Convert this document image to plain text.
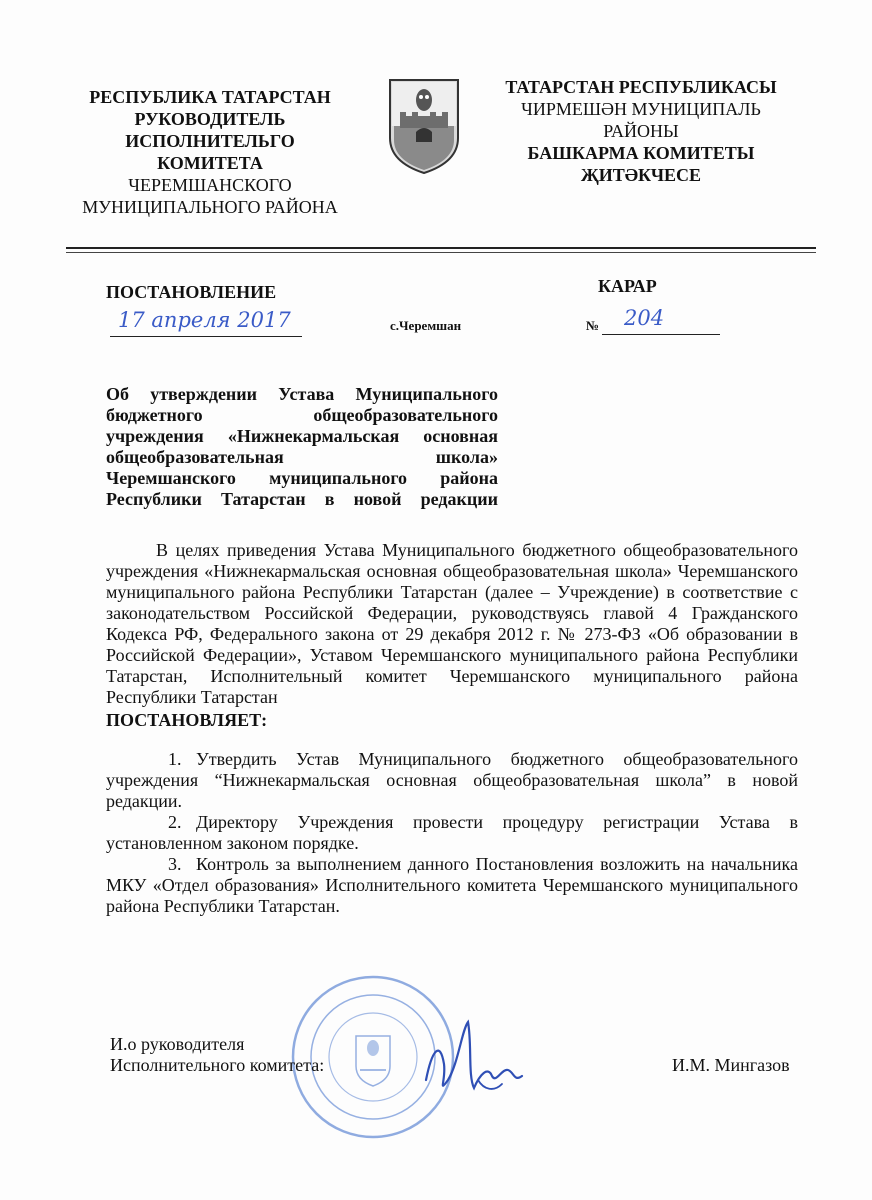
РЕСПУБЛИКА ТАТАРСТАН
РУКОВОДИТЕЛЬ
ИСПОЛНИТЕЛЬГО
КОМИТЕТА
ЧЕРЕМШАНСКОГО
МУНИЦИПАЛЬНОГО РАЙОНА
ТАТАРСТАН РЕСПУБЛИКАСЫ
ЧИРМЕШӘН МУНИЦИПАЛЬ
РАЙОНЫ
БАШКАРМА КОМИТЕТЫ
ҖИТӘКЧЕСЕ
ПОСТАНОВЛЕНИЕ	КАРАР
17 апреля 2017	с.Черемшан	№ 204
Об утверждении Устава Муниципального
бюджетного общеобразовательного
учреждения «Нижнекармальская основная
общеобразовательная школа»
Черемшанского муниципального района
Республики Татарстан в новой редакции

В целях приведения Устава Муниципального бюджетного общеобразовательного учреждения «Нижнекармальская основная общеобразовательная школа» Черемшанского муниципального района Республики Татарстан (далее – Учреждение) в соответствие с законодательством Российской Федерации, руководствуясь главой 4 Гражданского Кодекса РФ, Федерального закона от 29 декабря 2012 г. № 273-ФЗ «Об образовании в Российской Федерации», Уставом Черемшанского муниципального района Республики Татарстан, Исполнительный комитет Черемшанского муниципального района Республики Татарстан

ПОСТАНОВЛЯЕТ:

1. Утвердить Устав Муниципального бюджетного общеобразовательного учреждения “Нижнекармальская основная общеобразовательная школа” в новой редакции.

2. Директору Учреждения провести процедуру регистрации Устава в установленном законом порядке.

3. Контроль за выполнением данного Постановления возложить на начальника МКУ «Отдел образования» Исполнительного комитета Черемшанского муниципального района Республики Татарстан.

И.о руководителя
Исполнительного комитета:	И.М. Мингазов
